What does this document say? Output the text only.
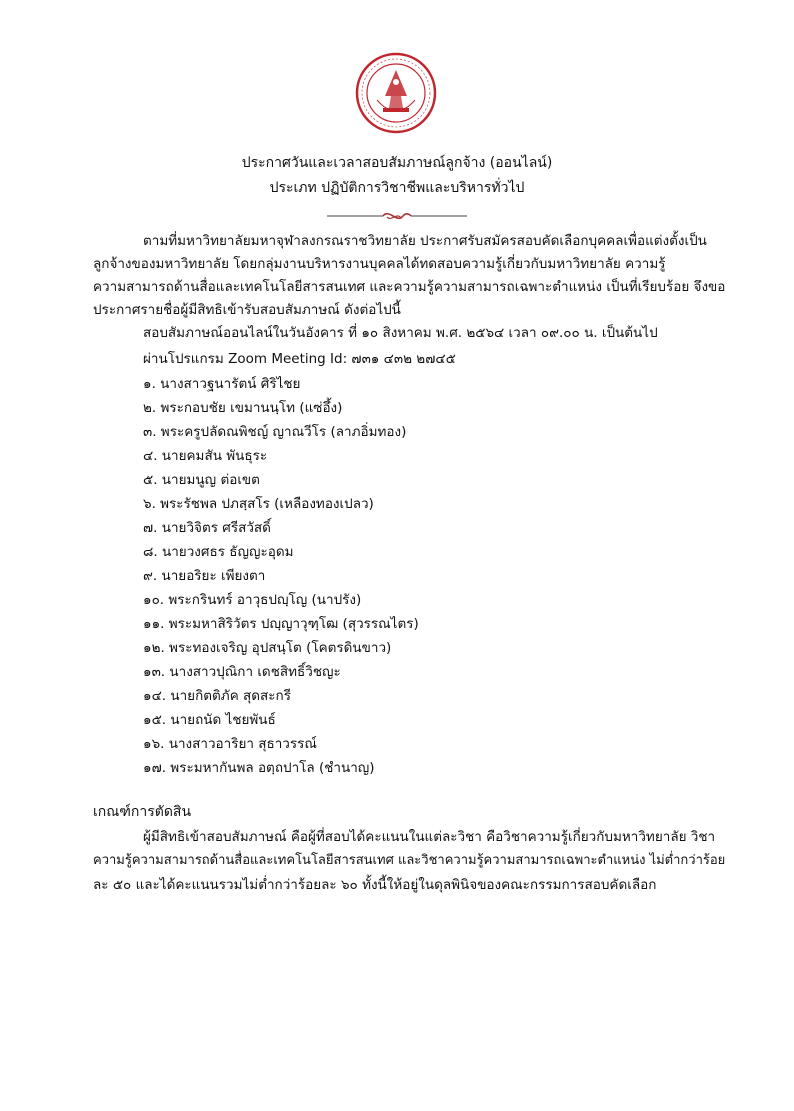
ประกาศวันและเวลาสอบสัมภาษณ์ลูกจ้าง (ออนไลน์)
ประเภท ปฏิบัติการวิชาชีพและบริหารทั่วไป
ตามที่มหาวิทยาลัยมหาจุฬาลงกรณราชวิทยาลัย ประกาศรับสมัครสอบคัดเลือกบุคคลเพื่อแต่งตั้งเป็น
ลูกจ้างของมหาวิทยาลัย โดยกลุ่มงานบริหารงานบุคคลได้ทดสอบความรู้เกี่ยวกับมหาวิทยาลัย ความรู้
ความสามารถด้านสื่อและเทคโนโลยีสารสนเทศ และความรู้ความสามารถเฉพาะตำแหน่ง เป็นที่เรียบร้อย จึงขอ
ประกาศรายชื่อผู้มีสิทธิเข้ารับสอบสัมภาษณ์ ดังต่อไปนี้
สอบสัมภาษณ์ออนไลน์ในวันอังคาร ที่ ๑๐ สิงหาคม พ.ศ. ๒๕๖๔ เวลา ๐๙.๐๐ น. เป็นต้นไป
ผ่านโปรแกรม Zoom Meeting Id: ๗๓๑ ๔๓๒ ๒๗๔๕
๑. นางสาวฐนารัตน์ ศิริไชย
๒. พระกอบชัย เขมานนฺโท (แซ่อึ้ง)
๓. พระครูปลัดณพิชญ์ ญาณวีโร (ลาภอิ่มทอง)
๔. นายคมสัน พันธุระ
๕. นายมนูญ ต่อเขต
๖. พระรัชพล ปภสฺสโร (เหลืองทองเปลว)
๗. นายวิจิตร ศรีสวัสดิ์
๘. นายวงศธร ธัญญะอุดม
๙. นายอริยะ เพียงตา
๑๐. พระกรินทร์ อาวุธปญฺโญ (นาปรัง)
๑๑. พระมหาสิริวัตร ปญฺญาวุฑฺโฒ (สุวรรณไตร)
๑๒. พระทองเจริญ อุปสนฺโต (โคตรดินขาว)
๑๓. นางสาวปุณิกา เดชสิทธิ์วิชญะ
๑๔. นายกิตติภัค สุดสะกรี
๑๕. นายถนัด ไชยพันธ์
๑๖. นางสาวอาริยา สุธาวรรณ์
๑๗. พระมหากันพล อตฺถปาโล (ชำนาญ)
เกณฑ์การตัดสิน
ผู้มีสิทธิเข้าสอบสัมภาษณ์ คือผู้ที่สอบได้คะแนนในแต่ละวิชา คือวิชาความรู้เกี่ยวกับมหาวิทยาลัย วิชา
ความรู้ความสามารถด้านสื่อและเทคโนโลยีสารสนเทศ และวิชาความรู้ความสามารถเฉพาะตำแหน่ง ไม่ต่ำกว่าร้อย
ละ ๕๐ และได้คะแนนรวมไม่ต่ำกว่าร้อยละ ๖๐ ทั้งนี้ให้อยู่ในดุลพินิจของคณะกรรมการสอบคัดเลือก
